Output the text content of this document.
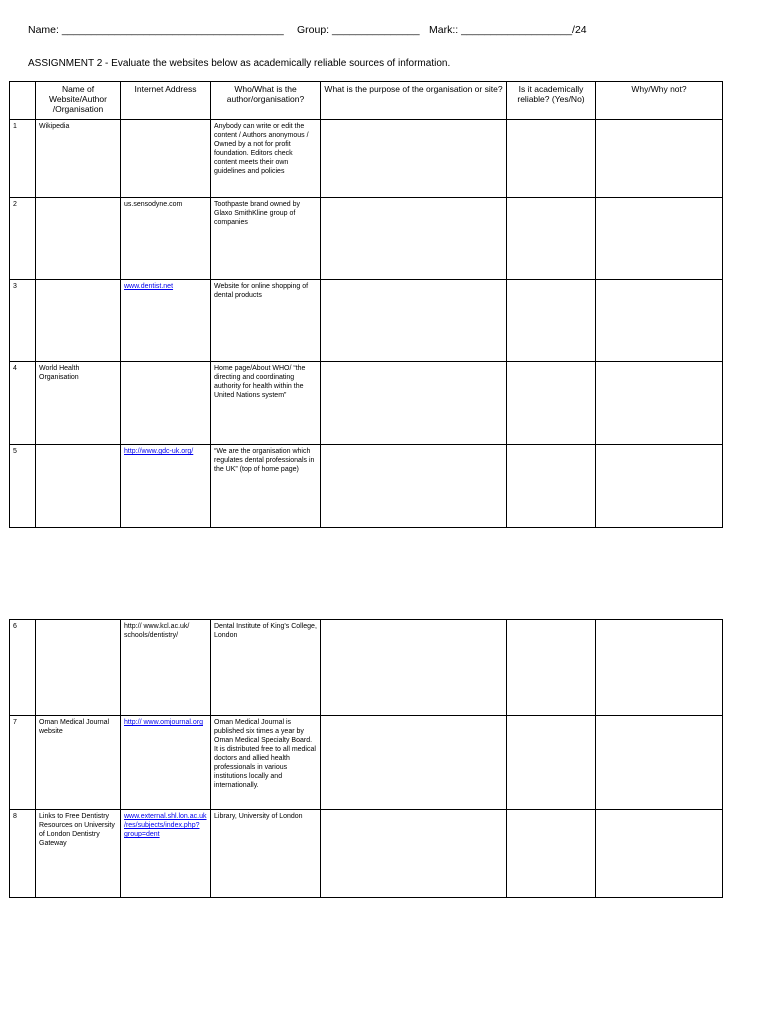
Name: ______________________________________ Group: _______________ Mark:: ___________________/24
ASSIGNMENT 2 - Evaluate the websites below as academically reliable sources of information.
	Name of Website/Author /Organisation	Internet Address	Who/What is the author/organisation?	What is the purpose of the organisation or site?	Is it academically reliable? (Yes/No)	Why/Why not?
1	Wikipedia		Anybody can write or edit the content / Authors anonymous / Owned by a not for profit foundation. Editors check content meets their own guidelines and policies			
2		us.sensodyne.com	Toothpaste brand owned by Glaxo SmithKline group of companies			
3		www.dentist.net	Website for online shopping of dental products			
4	World Health Organisation		Home page/About WHO/ “the directing and coordinating authority for health within the United Nations system”			
5		http://www.gdc-uk.org/	“We are the organisation which regulates dental professionals in the UK” (top of home page)			
6		http:// www.kcl.ac.uk/ schools/dentistry/	Dental Institute of King's College, London			
7	Oman Medical Journal website	http:// www.omjournal.org	Oman Medical Journal is published six times a year by Oman Medical Specialty Board. It is distributed free to all medical doctors and allied health professionals in various institutions locally and internationally.			
8	Links to Free Dentistry Resources on University of London Dentistry Gateway	www.external.shl.lon.ac.uk/res/subjects/index.php?group=dent	Library, University of London			
